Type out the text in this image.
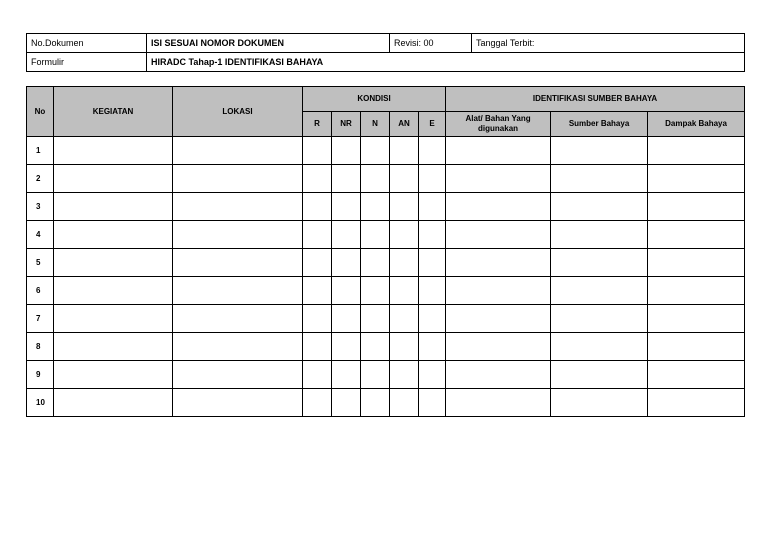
No.Dokumen	ISI SESUAI NOMOR DOKUMEN	Revisi: 00	Tanggal Terbit:
Formulir	HIRADC Tahap-1 IDENTIFIKASI BAHAYA		
No	KEGIATAN	LOKASI	KONDISI					IDENTIFIKASI SUMBER BAHAYA		
			R	NR	N	AN	E	Alat/ Bahan Yang digunakan	Sumber Bahaya	Dampak Bahaya
1										
2										
3										
4										
5										
6										
7										
8										
9										
10										
